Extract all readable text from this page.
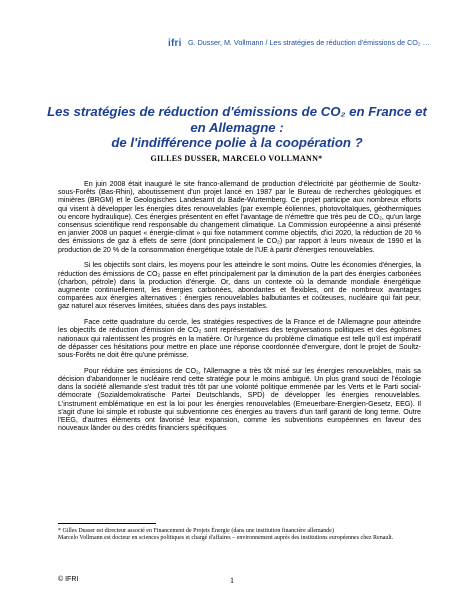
ifri G. Dusser, M. Vollmann / Les stratégies de réduction d'émissions de CO₂ …
Les stratégies de réduction d'émissions de CO₂ en France et
en Allemagne :
de l'indifférence polie à la coopération ?
GILLES DUSSER, MARCELO VOLLMANN*

En juin 2008 était inauguré le site franco-allemand de production d'électricité par géothermie de Soultz-sous-Forêts (Bas-Rhin), aboutissement d'un projet lancé en 1987 par le Bureau de recherches géologiques et minières (BRGM) et le Geologisches Landesamt du Bade-Wurtemberg. Ce projet participe aux nombreux efforts qui visent à développer les énergies dites renouvelables (par exemple éoliennes, photovoltaïques, géothermiques ou encore hydraulique). Ces énergies présentent en effet l'avantage de n'émettre que très peu de CO₂, qu'un large consensus scientifique rend responsable du changement climatique. La Commission européenne a ainsi présenté en janvier 2008 un paquet « énergie-climat » qui fixe notamment comme objectifs, d'ici 2020, la réduction de 20 % des émissions de gaz à effets de serre (dont principalement le CO₂) par rapport à leurs niveaux de 1990 et la production de 20 % de la consommation énergétique totale de l'UE à partir d'énergies renouvelables.

Si les objectifs sont clairs, les moyens pour les atteindre le sont moins. Outre les économies d'énergies, la réduction des émissions de CO₂ passe en effet principalement par la diminution de la part des énergies carbonées (charbon, pétrole) dans la production d'énergie. Or, dans un contexte où la demande mondiale énergétique augmente continuellement, les énergies carbonées, abondantes et flexibles, ont de nombreux avantages comparées aux énergies alternatives : énergies renouvelables balbutiantes et coûteuses, nucléaire qui fait peur, gaz naturel aux réserves limitées, situées dans des pays instables.

Face cette quadrature du cercle, les stratégies respectives de la France et de l'Allemagne pour atteindre les objectifs de réduction d'émission de CO₂ sont représentatives des tergiversations politiques et des égoïsmes nationaux qui ralentissent les progrès en la matière. Or l'urgence du problème climatique est telle qu'il est impératif de dépasser ces hésitations pour mettre en place une réponse coordonnée d'envergure, dont le projet de Soultz-sous-Forêts ne doit être qu'une prémisse.

Pour réduire ses émissions de CO₂, l'Allemagne a très tôt misé sur les énergies renouvelables, mais sa décision d'abandonner le nucléaire rend cette stratégie pour le moins ambiguë. Un plus grand souci de l'écologie dans la société allemande s'est traduit très tôt par une volonté politique emmenée par les Verts et le Parti social-démocrate (Sozialdemokratische Partei Deutschlands, SPD) de développer les énergies renouvelables. L'instrument emblématique en est la loi pour les énergies renouvelables (Erneuerbare-Energien-Gesetz, EEG). Il s'agit d'une loi simple et robuste qui subventionne ces énergies au travers d'un tarif garanti de long terme. Outre l'EEG, d'autres éléments ont favorisé leur expansion, comme les subventions européennes en faveur des nouveaux länder ou des crédits financiers spécifiques

* Gilles Dusser est directeur associé en Financement de Projets Énergie (dans une institution financière allemande)
Marcelo Vollmann est docteur en sciences politiques et chargé d'affaires – environnement auprès des institutions européennes chez Renault.
© IFRI	1
